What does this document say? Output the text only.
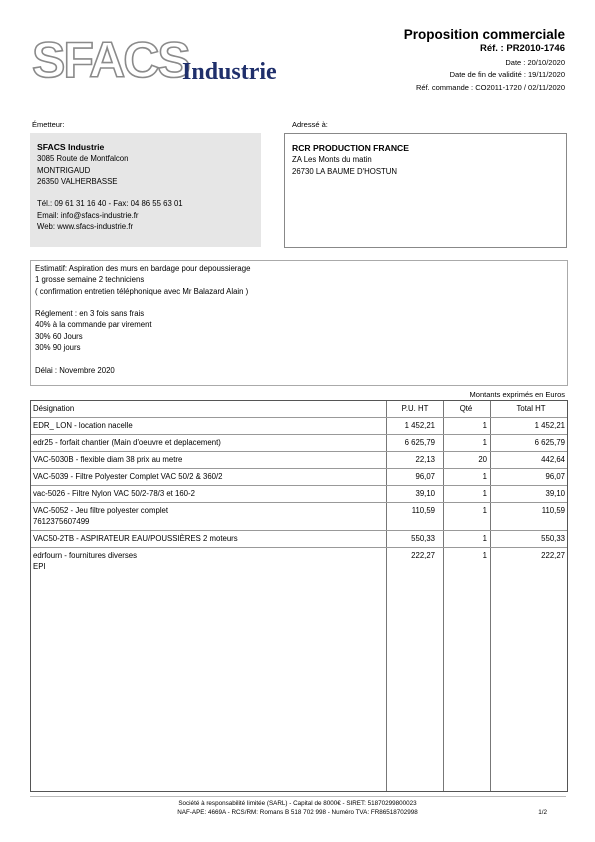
SFACS
Industrie
Proposition commerciale
Réf. : PR2010-1746
Date : 20/10/2020
Date de fin de validité : 19/11/2020
Réf. commande : CO2011-1720 / 02/11/2020
Émetteur:	Adressé à:
SFACS Industrie
3085 Route de Montfalcon
MONTRIGAUD
26350 VALHERBASSE
Tél.: 09 61 31 16 40 - Fax: 04 86 55 63 01
Email: info@sfacs-industrie.fr
Web: www.sfacs-industrie.fr
RCR PRODUCTION FRANCE
ZA Les Monts du matin
26730 LA BAUME D'HOSTUN
Estimatif: Aspiration des murs en bardage pour depoussierage
1 grosse semaine 2 techniciens
( confirmation entretien téléphonique avec Mr Balazard Alain )
Réglement : en 3 fois sans frais
40% à la commande par virement
30% 60 Jours
30% 90 jours
Délai : Novembre 2020
Montants exprimés en Euros
Désignation	P.U. HT	Qté	Total HT
EDR_ LON - location nacelle	1 452,21	1	1 452,21
edr25 - forfait chantier (Main d'oeuvre et deplacement)	6 625,79	1	6 625,79
VAC-5030B - flexible diam 38 prix au metre	22,13	20	442,64
VAC-5039 - Filtre Polyester Complet VAC 50/2 & 360/2	96,07	1	96,07
vac-5026 - Filtre Nylon VAC 50/2-78/3 et 160-2	39,10	1	39,10
VAC-5052 - Jeu filtre polyester complet
7612375607499
110,59	1	110,59
VAC50-2TB - ASPIRATEUR EAU/POUSSIÈRES 2 moteurs	550,33	1	550,33
edrfourn - fournitures diverses
EPI
222,27	1	222,27
Société à responsabilité limitée (SARL) - Capital de 8000€ - SIRET: 51870299800023
NAF-APE: 4669A - RCS/RM: Romans B 518 702 998 - Numéro TVA: FR86518702998	1/2
